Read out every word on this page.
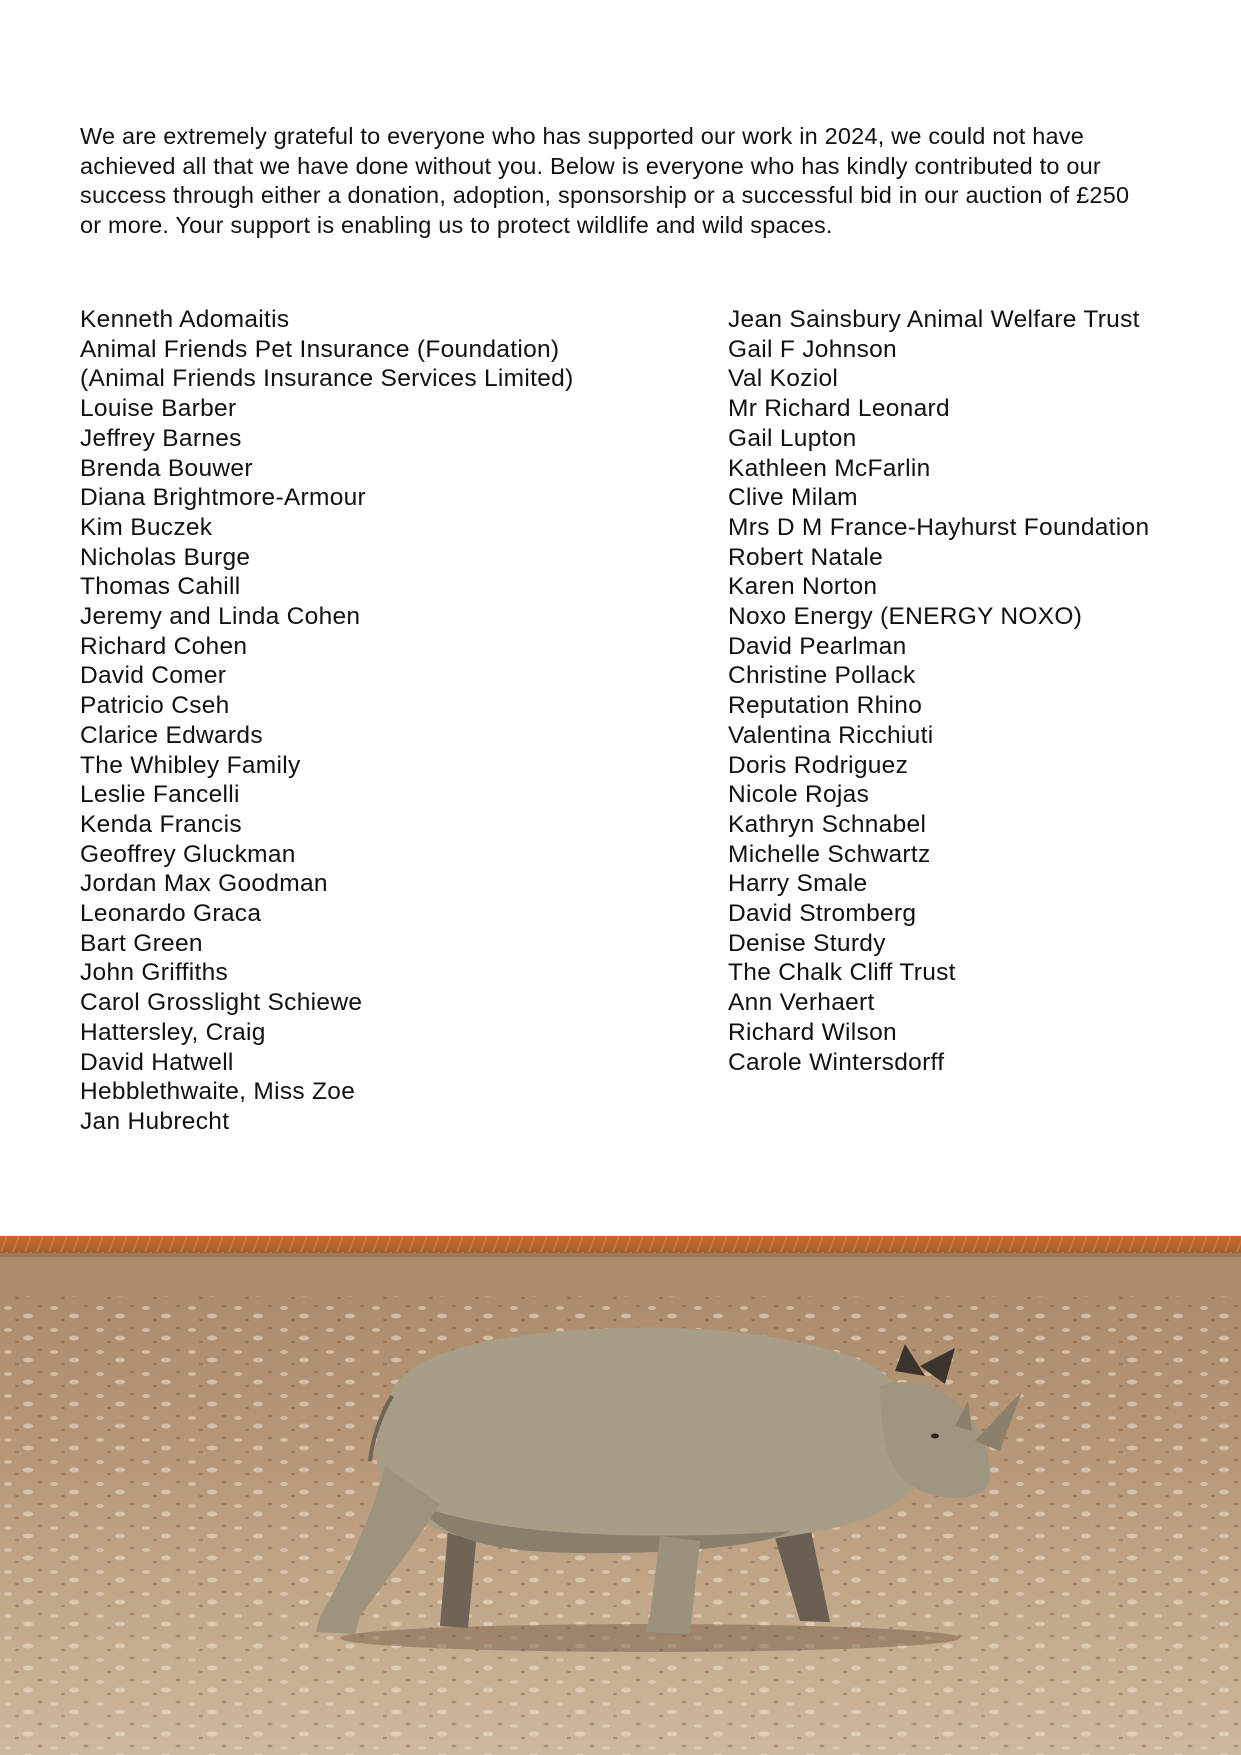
We are extremely grateful to everyone who has supported our work in 2024, we could not have achieved all that we have done without you. Below is everyone who has kindly contributed to our success through either a donation, adoption, sponsorship or a successful bid in our auction of £250 or more. Your support is enabling us to protect wildlife and wild spaces.

Kenneth Adomaitis
Animal Friends Pet Insurance (Foundation)
(Animal Friends Insurance Services Limited)
Louise Barber
Jeffrey Barnes
Brenda Bouwer
Diana Brightmore-Armour
Kim Buczek
Nicholas Burge
Thomas Cahill
Jeremy and Linda Cohen
Richard Cohen
David Comer
Patricio Cseh
Clarice Edwards
The Whibley Family
Leslie Fancelli
Kenda Francis
Geoffrey Gluckman
Jordan Max Goodman
Leonardo Graca
Bart Green
John Griffiths
Carol Grosslight Schiewe
Hattersley, Craig
David Hatwell
Hebblethwaite, Miss Zoe
Jan Hubrecht
Jean Sainsbury Animal Welfare Trust
Gail F Johnson
Val Koziol
Mr Richard Leonard
Gail Lupton
Kathleen McFarlin
Clive Milam
Mrs D M France-Hayhurst Foundation
Robert Natale
Karen Norton
Noxo Energy (ENERGY NOXO)
David Pearlman
Christine Pollack
Reputation Rhino
Valentina Ricchiuti
Doris Rodriguez
Nicole Rojas
Kathryn Schnabel
Michelle Schwartz
Harry Smale
David Stromberg
Denise Sturdy
The Chalk Cliff Trust
Ann Verhaert
Richard Wilson
Carole Wintersdorff
